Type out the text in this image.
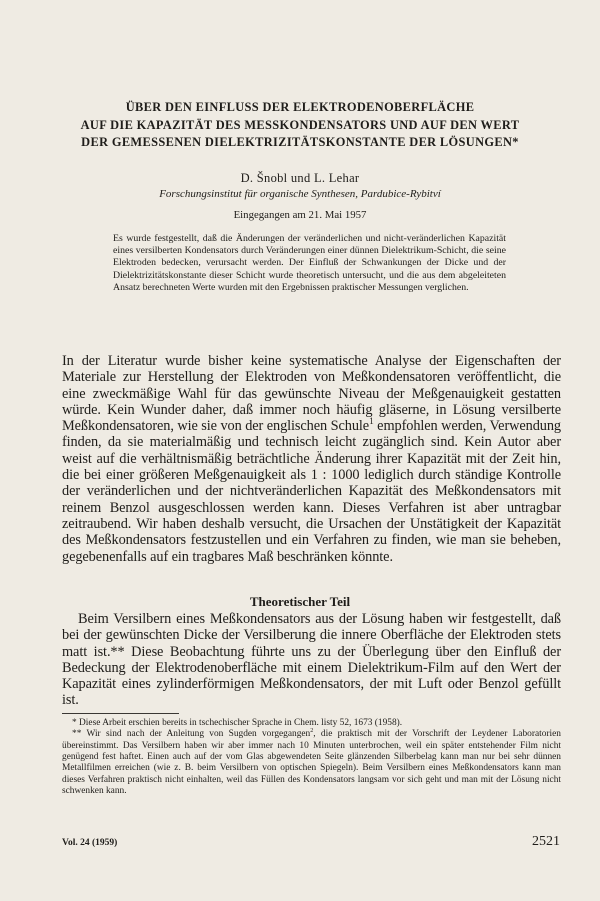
ÜBER DEN EINFLUSS DER ELEKTRODENOBERFLÄCHE
AUF DIE KAPAZITÄT DES MESSKONDENSATORS UND AUF DEN WERT
DER GEMESSENEN DIELEKTRIZITÄTSKONSTANTE DER LÖSUNGEN*
D. Šnobl und L. Lehar
Forschungsinstitut für organische Synthesen, Pardubice-Rybitví
Eingegangen am 21. Mai 1957

Es wurde festgestellt, daß die Änderungen der veränderlichen und nicht-veränderlichen Kapazität eines versilberten Kondensators durch Veränderungen einer dünnen Dielektrikum-Schicht, die seine Elektroden bedecken, verursacht werden. Der Einfluß der Schwankungen der Dicke und der Dielektrizitätskonstante dieser Schicht wurde theoretisch untersucht, und die aus dem abgeleiteten Ansatz berechneten Werte wurden mit den Ergebnissen praktischer Messungen verglichen.

In der Literatur wurde bisher keine systematische Analyse der Eigenschaften der Materiale zur Herstellung der Elektroden von Meßkondensatoren veröffentlicht, die eine zweckmäßige Wahl für das gewünschte Niveau der Meßgenauigkeit gestatten würde. Kein Wunder daher, daß immer noch häufig gläserne, in Lösung versilberte Meßkondensatoren, wie sie von der englischen Schule$^1$ empfohlen werden, Verwendung finden, da sie materialmäßig und technisch leicht zugänglich sind. Kein Autor aber weist auf die verhältnismäßig beträchtliche Änderung ihrer Kapazität mit der Zeit hin, die bei einer größeren Meßgenauigkeit als 1 : 1000 lediglich durch ständige Kontrolle der veränderlichen und der nichtveränderlichen Kapazität des Meßkondensators mit reinem Benzol ausgeschlossen werden kann. Dieses Verfahren ist aber untragbar zeitraubend. Wir haben deshalb versucht, die Ursachen der Unstätigkeit der Kapazität des Meßkondensators festzustellen und ein Verfahren zu finden, wie man sie beheben, gegebenenfalls auf ein tragbares Maß beschränken könnte.

Theoretischer Teil

Beim Versilbern eines Meßkondensators aus der Lösung haben wir festgestellt, daß bei der gewünschten Dicke der Versilberung die innere Oberfläche der Elektroden stets matt ist.** Diese Beobachtung führte uns zu der Überlegung über den Einfluß der Bedeckung der Elektrodenoberfläche mit einem Dielektrikum-Film auf den Wert der Kapazität eines zylinderförmigen Meßkondensators, der mit Luft oder Benzol gefüllt ist.

* Diese Arbeit erschien bereits in tschechischer Sprache in Chem. listy 52, 1673 (1958).

** Wir sind nach der Anleitung von Sugden vorgegangen$^2$, die praktisch mit der Vorschrift der Leydener Laboratorien übereinstimmt. Das Versilbern haben wir aber immer nach 10 Minuten unterbrochen, weil ein später entstehender Film nicht genügend fest haftet. Einen auch auf der vom Glas abgewendeten Seite glänzenden Silberbelag kann man nur bei sehr dünnen Metallfilmen erreichen (wie z. B. beim Versilbern von optischen Spiegeln). Beim Versilbern eines Meßkondensators kann man dieses Verfahren praktisch nicht einhalten, weil das Füllen des Kondensators langsam vor sich geht und man mit der Lösung nicht schwenken kann.

Vol. 24 (1959)	2521
